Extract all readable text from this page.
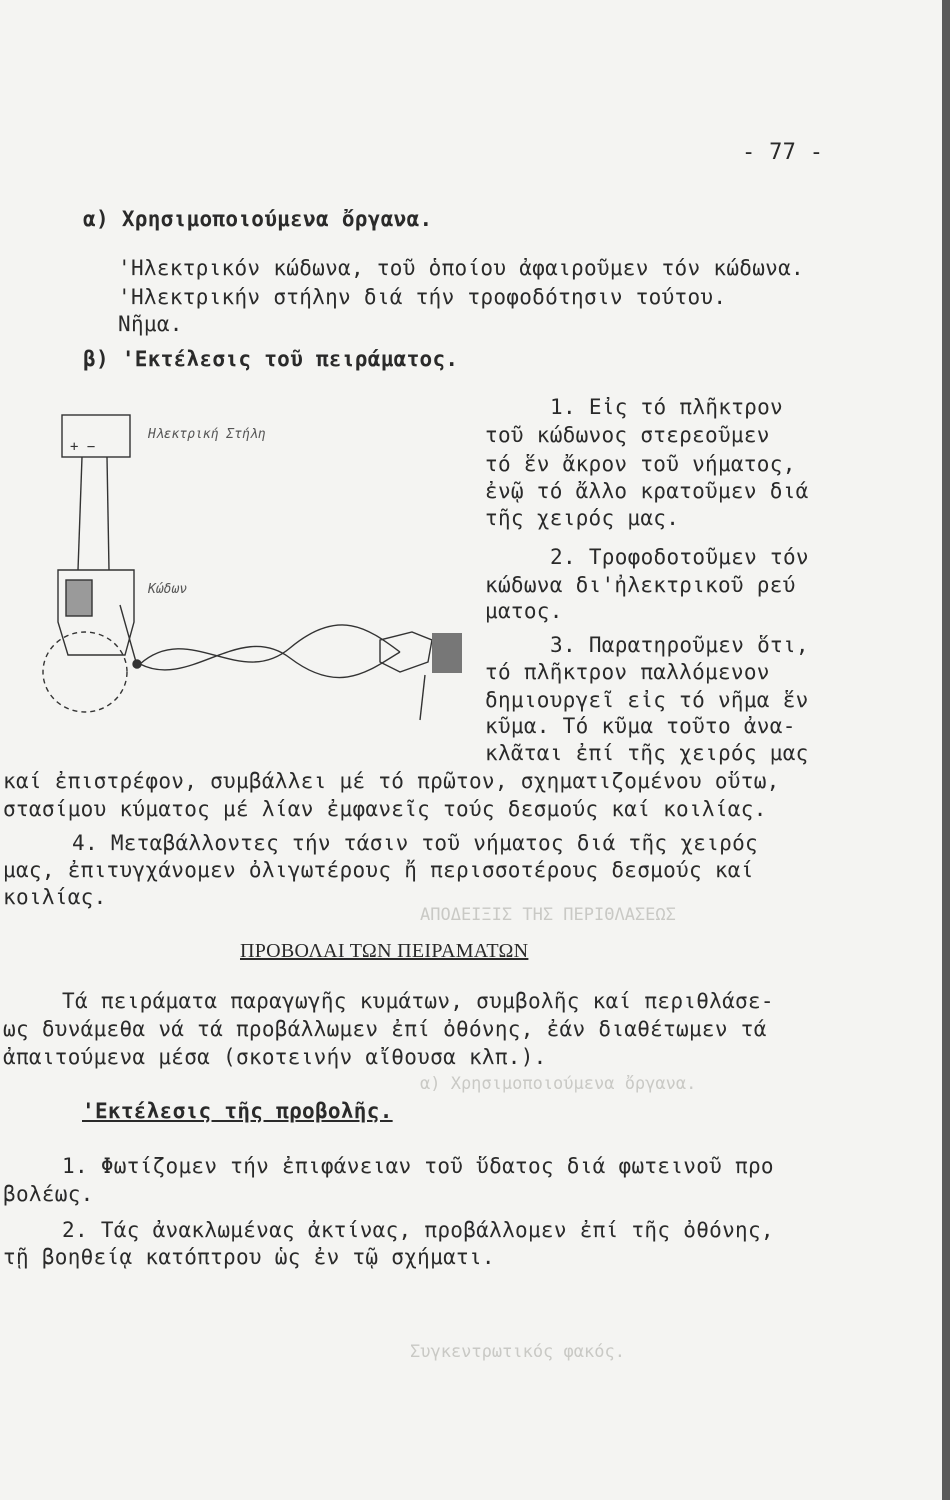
ΑΠΟΔΕΙΞΙΣ ΤΗΣ ΠΕΡΙΘΛΑΣΕΩΣ
α) Χρησιμοποιούμενα ὄργανα.
Συγκεντρωτικός φακός.
- 77 -
α) Χρησιμοποιούμενα ὄργανα.
'Ηλεκτρικόν κώδωνα, τοῦ ὁποίου ἀφαιροῦμεν τόν κώδωνα.
'Ηλεκτρικήν στήλην διά τήν τροφοδότησιν τούτου.
Νῆμα.
β) 'Εκτέλεσις τοῦ πειράματος.
1. Εἰς τό πλῆκτρον
τοῦ κώδωνος στερεοῦμεν
τό ἕν ἄκρον τοῦ νήματος,
ἐνῷ τό ἄλλο κρατοῦμεν διά
τῆς χειρός μας.
2. Τροφοδοτοῦμεν τόν
κώδωνα δι'ἠλεκτρικοῦ ρεύ
ματος.
3. Παρατηροῦμεν ὅτι,
τό πλῆκτρον παλλόμενον
δημιουργεῖ εἰς τό νῆμα ἕν
κῦμα. Τό κῦμα τοῦτο ἀνα-
κλᾶται ἐπί τῆς χειρός μας
καί ἐπιστρέφον, συμβάλλει μέ τό πρῶτον, σχηματιζομένου οὕτω,
στασίμου κύματος μέ λίαν ἐμφανεῖς τούς δεσμούς καί κοιλίας.
4. Μεταβάλλοντες τήν τάσιν τοῦ νήματος διά τῆς χειρός
μας, ἐπιτυγχάνομεν ὀλιγωτέρους ἤ περισσοτέρους δεσμούς καί
κοιλίας.
+ −
Ηλεκτρική Στήλη
Κώδων
ΠΡΟΒΟΛΑΙ ΤΩΝ ΠΕΙΡΑΜΑΤΩΝ
Τά πειράματα παραγωγῆς κυμάτων, συμβολῆς καί περιθλάσε-
ως δυνάμεθα νά τά προβάλλωμεν ἐπί ὀθόνης, ἐάν διαθέτωμεν τά
ἀπαιτούμενα μέσα (σκοτεινήν αἴθουσα κλπ.).
'Εκτέλεσις τῆς προβολῆς.
1. Φωτίζομεν τήν ἐπιφάνειαν τοῦ ὕδατος διά φωτεινοῦ προ
βολέως.
2. Τάς ἀνακλωμένας ἀκτίνας, προβάλλομεν ἐπί τῆς ὀθόνης,
τῇ βοηθείᾳ κατόπτρου ὡς ἐν τῷ σχήματι.
